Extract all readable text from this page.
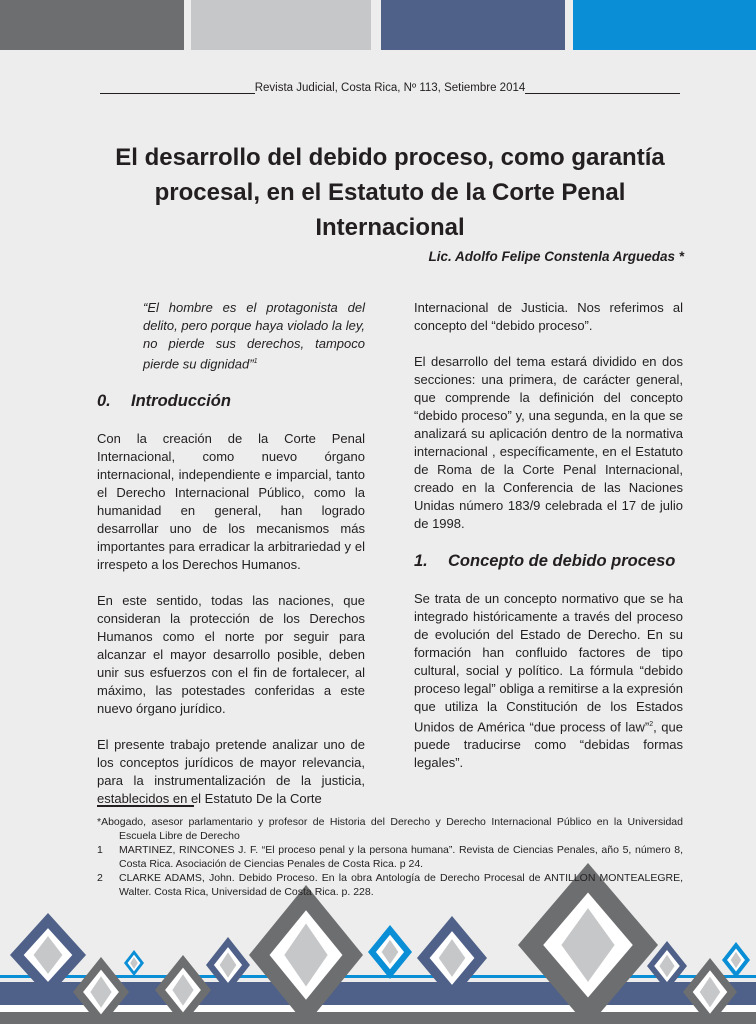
Revista Judicial, Costa Rica, Nº 113, Setiembre 2014
El desarrollo del debido proceso, como garantía procesal, en el Estatuto de la Corte Penal Internacional
Lic. Adolfo Felipe Constenla Arguedas *

“El hombre es el protagonista del delito, pero porque haya violado la ley, no pierde sus derechos, tampoco pierde su dignidad”$^1$

0.	Introducción

Con la creación de la Corte Penal Internacional, como nuevo órgano internacional, independiente e imparcial, tanto el Derecho Internacional Público, como la humanidad en general, han logrado desarrollar uno de los mecanismos más importantes para erradicar la arbitrariedad y el irrespeto a los Derechos Humanos.

En este sentido, todas las naciones, que consideran la protección de los Derechos Humanos como el norte por seguir para alcanzar el mayor desarrollo posible, deben unir sus esfuerzos con el fin de fortalecer, al máximo, las potestades conferidas a este nuevo órgano jurídico.

El presente trabajo pretende analizar uno de los conceptos jurídicos de mayor relevancia, para la instrumentalización de la justicia, establecidos en el Estatuto De la Corte

Internacional de Justicia. Nos referimos al concepto del “debido proceso”.

El desarrollo del tema estará dividido en dos secciones: una primera, de carácter general, que comprende la definición del concepto “debido proceso” y, una segunda, en la que se analizará su aplicación dentro de la normativa internacional , específicamente, en el Estatuto de Roma de la Corte Penal Internacional, creado en la Conferencia de las Naciones Unidas número 183/9 celebrada el 17 de julio de 1998.

1.	Concepto de debido proceso

Se trata de un concepto normativo que se ha integrado históricamente a través del proceso de evolución del Estado de Derecho. En su formación han confluido factores de tipo cultural, social y político. La fórmula “debido proceso legal” obliga a remitirse a la expresión que utiliza la Constitución de los Estados Unidos de América “due process of law”$^2$, que puede traducirse como “debidas formas legales”.

*Abogado, asesor parlamentario y profesor de Historia del Derecho y Derecho Internacional Público en la Universidad Escuela Libre de Derecho
1 MARTINEZ, RINCONES J. F. “El proceso penal y la persona humana”. Revista de Ciencias Penales, año 5, número 8, Costa Rica. Asociación de Ciencias Penales de Costa Rica. p 24.
2 CLARKE ADAMS, John. Debido Proceso. En la obra Antología de Derecho Procesal de ANTILLON MONTEALEGRE, Walter. Costa Rica, Universidad de Costa Rica. p. 228.
